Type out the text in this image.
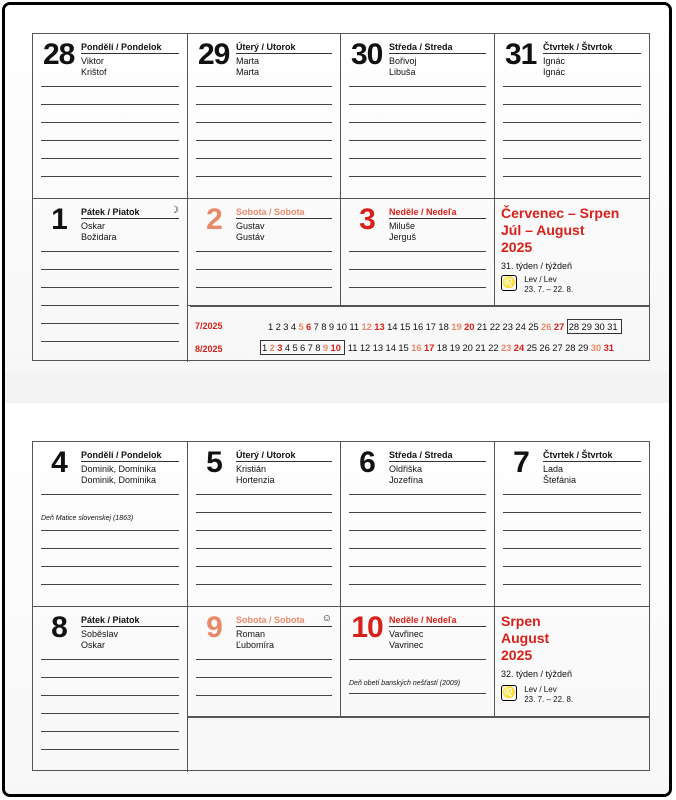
28 Pondělí / Pondelok
Viktor
Krištof
29 Úterý / Utorok
Marta
Marta
30 Středa / Streda
Bořivoj
Libuša
31 Čtvrtek / Štvrtok
Ignác
Ignác
1	Pátek / Piatok	☽
Oskar
Božidara
2	Sobota / Sobota
Gustav
Gustáv
3	Neděle / Nedeľa
Miluše
Jerguš
Červenec – Srpen
Júl – August
2025
31. týden / týždeň
♌ Lev / Lev
23. 7. – 22. 8.
7/2025	1 2 3 4 5 6 7 8 9 10 11 12 13 14 15 16 17 18 19 20 21 22 23 24 25 26 27 28 29 30 31
8/2025	1 2 3 4 5 6 7 8 9 10 11 12 13 14 15 16 17 18 19 20 21 22 23 24 25 26 27 28 29 30 31
4	Pondělí / Pondelok
Dominik, Dominika
Dominik, Dominika
Deň Matice slovenskej (1863)
5	Úterý / Utorok
Kristián
Hortenzia
6	Středa / Streda
Oldřiška
Jozefína
7	Čtvrtek / Štvrtok
Lada
Štefánia
8	Pátek / Piatok
Soběslav
Oskar
9	Sobota / Sobota ☺
Roman
Ľubomíra
10 Neděle / Nedeľa
Vavřinec
Vavrinec
Deň obetí banských nešťastí (2009)
Srpen
August
2025
32. týden / týždeň
♌ Lev / Lev
23. 7. – 22. 8.
